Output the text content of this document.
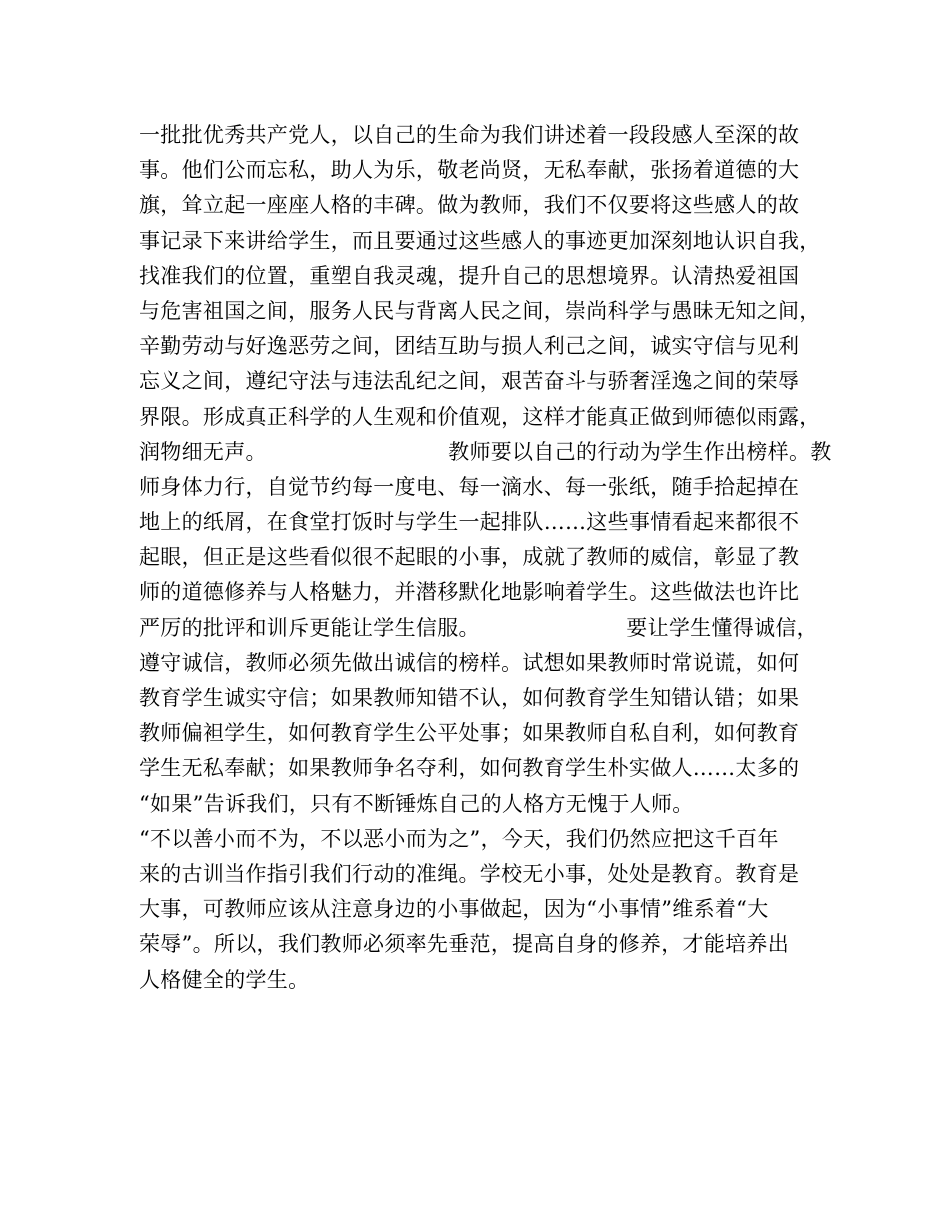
一批批优秀共产党人，以自己的生命为我们讲述着一段段感人至深的故
事。他们公而忘私，助人为乐，敬老尚贤，无私奉献，张扬着道德的大
旗，耸立起一座座人格的丰碑。做为教师，我们不仅要将这些感人的故
事记录下来讲给学生，而且要通过这些感人的事迹更加深刻地认识自我，
找准我们的位置，重塑自我灵魂，提升自己的思想境界。认清热爱祖国
与危害祖国之间，服务人民与背离人民之间，崇尚科学与愚昧无知之间，
辛勤劳动与好逸恶劳之间，团结互助与损人利己之间，诚实守信与见利
忘义之间，遵纪守法与违法乱纪之间，艰苦奋斗与骄奢淫逸之间的荣辱
界限。形成真正科学的人生观和价值观，这样才能真正做到师德似雨露，
润物细无声。                          教师要以自己的行动为学生作出榜样。教
师身体力行，自觉节约每一度电、每一滴水、每一张纸，随手拾起掉在
地上的纸屑，在食堂打饭时与学生一起排队……这些事情看起来都很不
起眼，但正是这些看似很不起眼的小事，成就了教师的威信，彰显了教
师的道德修养与人格魅力，并潜移默化地影响着学生。这些做法也许比
严厉的批评和训斥更能让学生信服。                     要让学生懂得诚信，
遵守诚信，教师必须先做出诚信的榜样。试想如果教师时常说谎，如何
教育学生诚实守信；如果教师知错不认，如何教育学生知错认错；如果
教师偏袒学生，如何教育学生公平处事；如果教师自私自利，如何教育
学生无私奉献；如果教师争名夺利，如何教育学生朴实做人……太多的
“如果”告诉我们，只有不断锤炼自己的人格方无愧于人师。
“不以善小而不为，不以恶小而为之”，今天，我们仍然应把这千百年
来的古训当作指引我们行动的准绳。学校无小事，处处是教育。教育是
大事，可教师应该从注意身边的小事做起，因为“小事情”维系着“大
荣辱”。所以，我们教师必须率先垂范，提高自身的修养，才能培养出
人格健全的学生。
